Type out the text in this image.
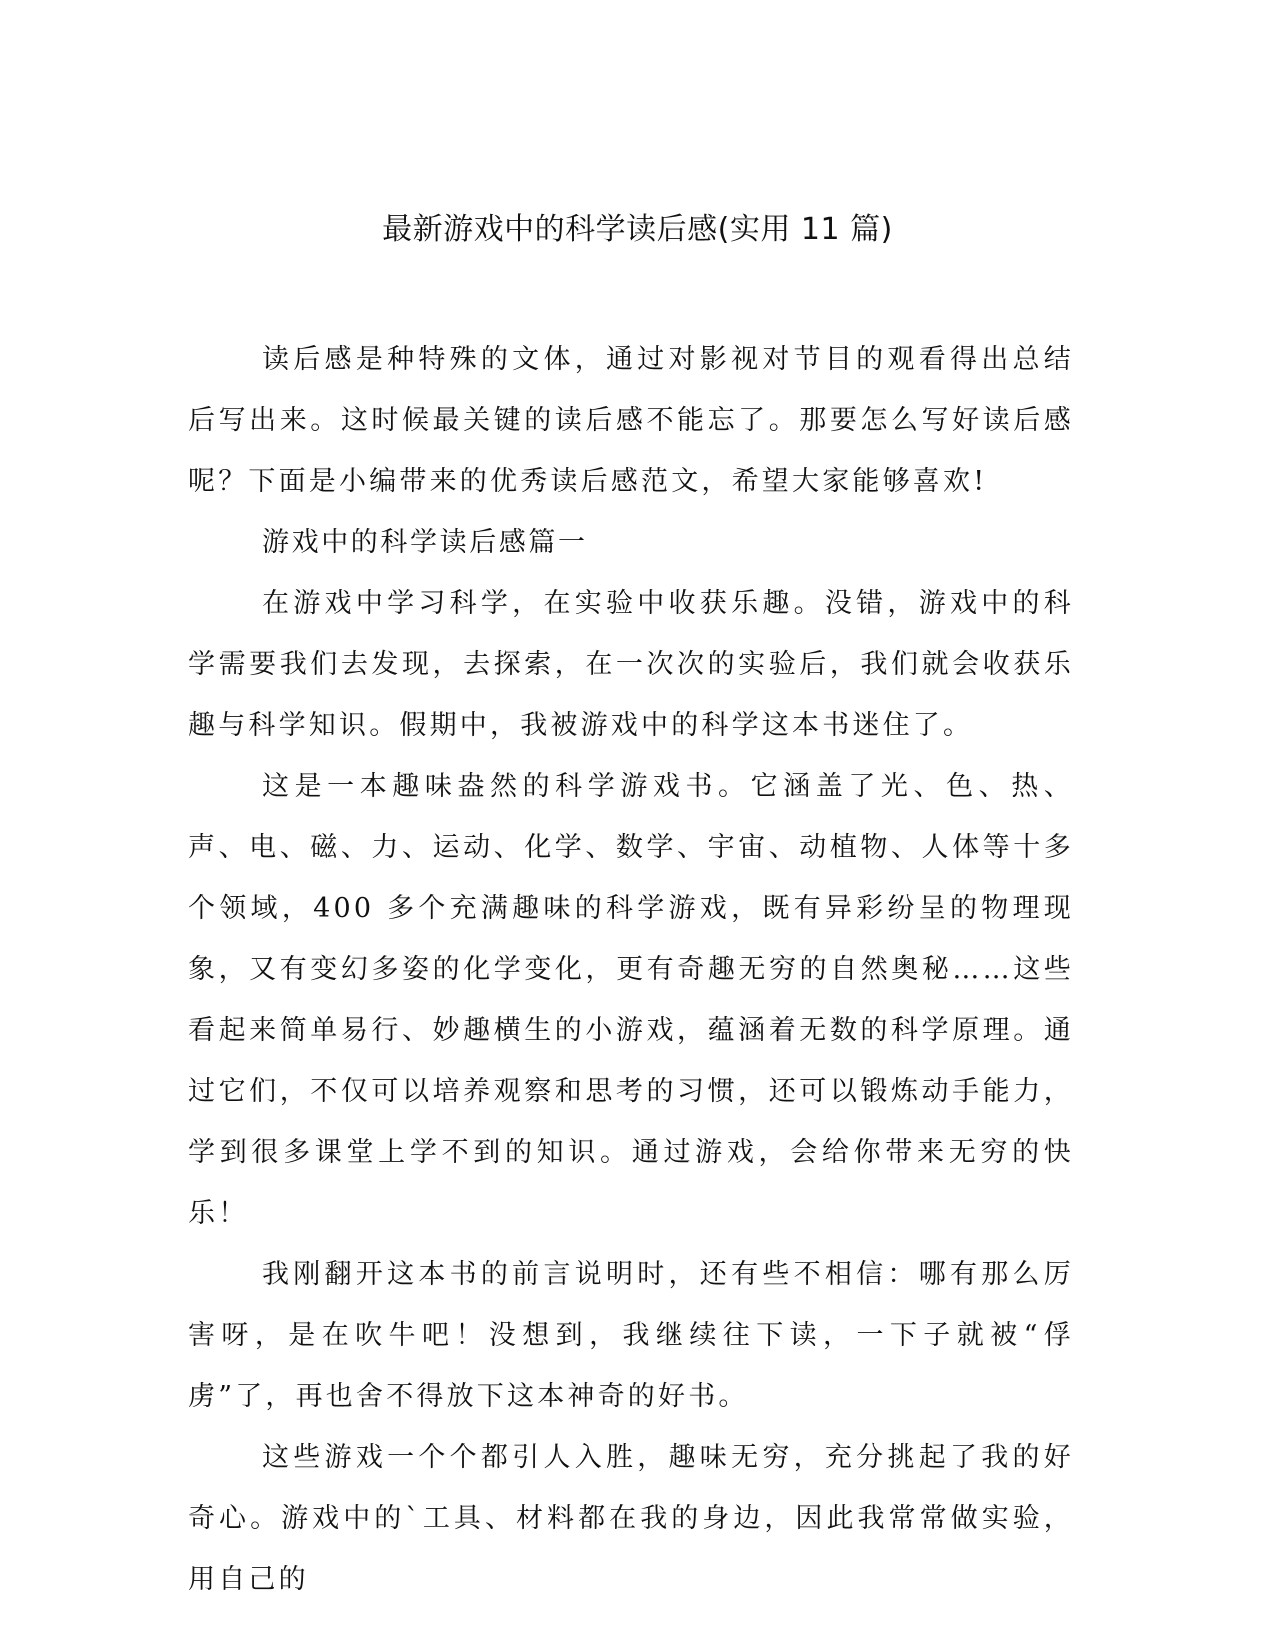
最新游戏中的科学读后感(实用 11 篇)

读后感是种特殊的文体，通过对影视对节目的观看得出总结后写出来。这时候最关键的读后感不能忘了。那要怎么写好读后感呢？下面是小编带来的优秀读后感范文，希望大家能够喜欢!

游戏中的科学读后感篇一

在游戏中学习科学，在实验中收获乐趣。没错，游戏中的科学需要我们去发现，去探索，在一次次的实验后，我们就会收获乐趣与科学知识。假期中，我被游戏中的科学这本书迷住了。

这是一本趣味盎然的科学游戏书。它涵盖了光、色、热、声、电、磁、力、运动、化学、数学、宇宙、动植物、人体等十多个领域，400 多个充满趣味的科学游戏，既有异彩纷呈的物理现象，又有变幻多姿的化学变化，更有奇趣无穷的自然奥秘……这些看起来简单易行、妙趣横生的小游戏，蕴涵着无数的科学原理。通过它们，不仅可以培养观察和思考的习惯，还可以锻炼动手能力，学到很多课堂上学不到的知识。通过游戏，会给你带来无穷的快乐！

我刚翻开这本书的前言说明时，还有些不相信：哪有那么厉害呀，是在吹牛吧！没想到，我继续往下读，一下子就被“俘虏”了，再也舍不得放下这本神奇的好书。

这些游戏一个个都引人入胜，趣味无穷，充分挑起了我的好奇心。游戏中的`工具、材料都在我的身边，因此我常常做实验，用自己的
